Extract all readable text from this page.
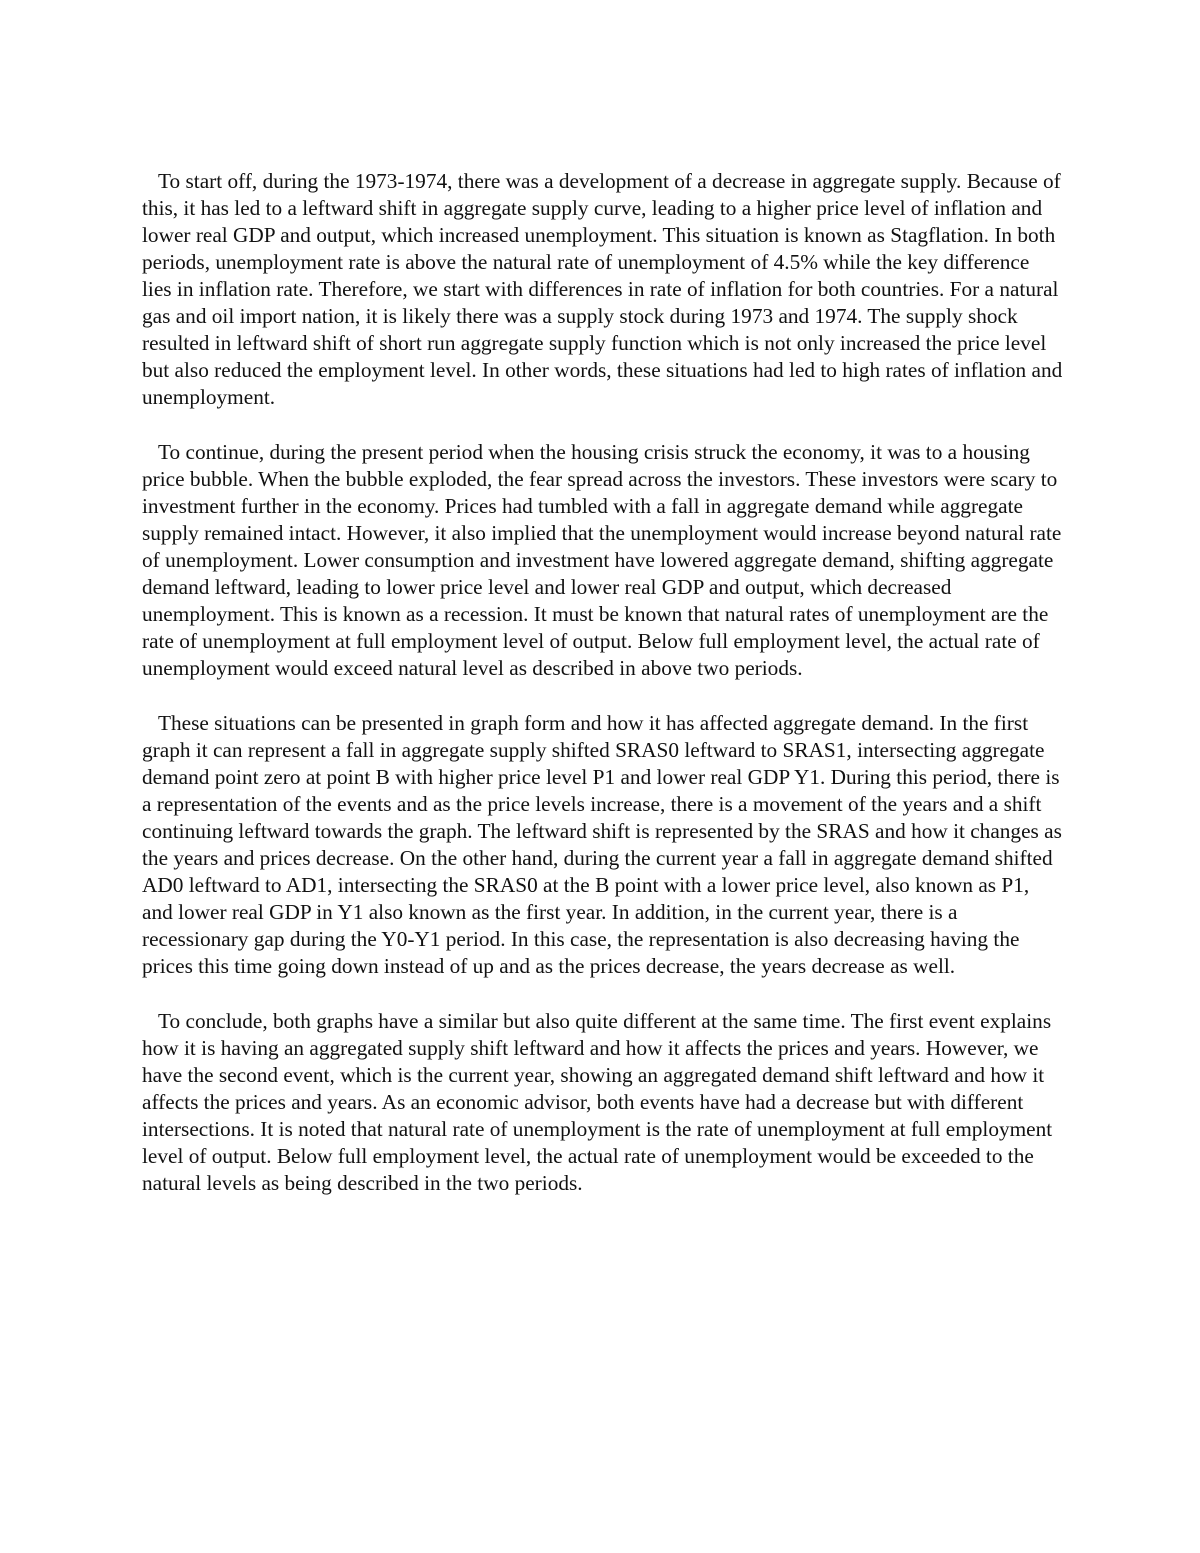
To start off, during the 1973-1974, there was a development of a decrease in aggregate supply. Because of this, it has led to a leftward shift in aggregate supply curve, leading to a higher price level of inflation and lower real GDP and output, which increased unemployment. This situation is known as Stagflation. In both periods, unemployment rate is above the natural rate of unemployment of 4.5% while the key difference lies in inflation rate. Therefore, we start with differences in rate of inflation for both countries. For a natural gas and oil import nation, it is likely there was a supply stock during 1973 and 1974. The supply shock resulted in leftward shift of short run aggregate supply function which is not only increased the price level but also reduced the employment level. In other words, these situations had led to high rates of inflation and unemployment.

To continue, during the present period when the housing crisis struck the economy, it was to a housing price bubble. When the bubble exploded, the fear spread across the investors. These investors were scary to investment further in the economy. Prices had tumbled with a fall in aggregate demand while aggregate supply remained intact. However, it also implied that the unemployment would increase beyond natural rate of unemployment. Lower consumption and investment have lowered aggregate demand, shifting aggregate demand leftward, leading to lower price level and lower real GDP and output, which decreased unemployment. This is known as a recession. It must be known that natural rates of unemployment are the rate of unemployment at full employment level of output. Below full employment level, the actual rate of unemployment would exceed natural level as described in above two periods.

These situations can be presented in graph form and how it has affected aggregate demand. In the first graph it can represent a fall in aggregate supply shifted SRAS0 leftward to SRAS1, intersecting aggregate demand point zero at point B with higher price level P1 and lower real GDP Y1. During this period, there is a representation of the events and as the price levels increase, there is a movement of the years and a shift continuing leftward towards the graph. The leftward shift is represented by the SRAS and how it changes as the years and prices decrease. On the other hand, during the current year a fall in aggregate demand shifted AD0 leftward to AD1, intersecting the SRAS0 at the B point with a lower price level, also known as P1, and lower real GDP in Y1 also known as the first year. In addition, in the current year, there is a recessionary gap during the Y0-Y1 period. In this case, the representation is also decreasing having the prices this time going down instead of up and as the prices decrease, the years decrease as well.

To conclude, both graphs have a similar but also quite different at the same time. The first event explains how it is having an aggregated supply shift leftward and how it affects the prices and years. However, we have the second event, which is the current year, showing an aggregated demand shift leftward and how it affects the prices and years. As an economic advisor, both events have had a decrease but with different intersections. It is noted that natural rate of unemployment is the rate of unemployment at full employment level of output. Below full employment level, the actual rate of unemployment would be exceeded to the natural levels as being described in the two periods.
